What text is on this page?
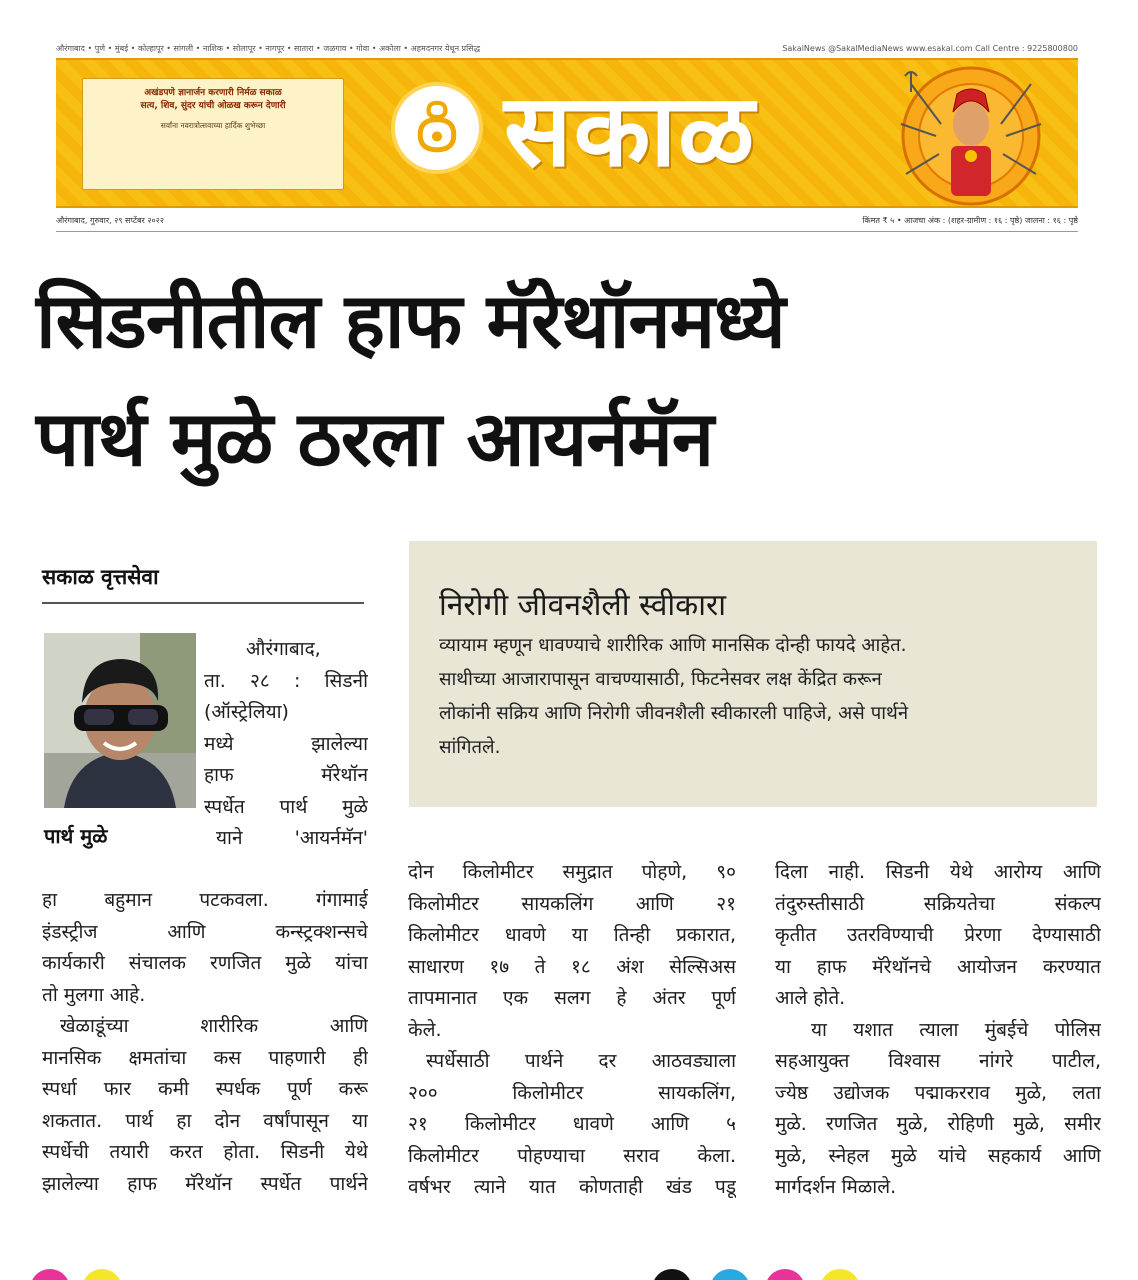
औरंगाबाद • पुणे • मुंबई • कोल्हापूर • सांगली • नाशिक • सोलापूर • नागपूर • सातारा • जळगाव • गोवा • अकोला • अहमदनगर येथून प्रसिद्ध	SakalNews @SakalMediaNews www.esakal.com Call Centre : 9225800800
अखंडपणे ज्ञानार्जन करणारी निर्मळ सकाळ
सत्य, शिव, सुंदर यांची ओळख करून देणारी
सर्वांना नवरात्रोत्सवाच्या हार्दिक शुभेच्छा	सकाळ
औरंगाबाद, गुरुवार, २९ सप्टेंबर २०२२	किंमत ₹ ५ • आजचा अंक : (शहर-ग्रामीण : १६ : पृष्ठे) जालना : १६ : पृष्ठे
सिडनीतील हाफ मॅरेथॉनमध्ये
पार्थ मुळे ठरला आयर्नमॅन
सकाळ वृत्तसेवा
पार्थ मुळे
औरंगाबाद,
ता. २८ : सिडनी
(ऑस्ट्रेलिया)
मध्ये झालेल्या
हाफ मॅरेथॉन
स्पर्धेत पार्थ मुळे
याने 'आयर्नमॅन'
हा बहुमान पटकवला. गंगामाई
इंडस्ट्रीज आणि कन्स्ट्रक्शन्सचे
कार्यकारी संचालक रणजित मुळे यांचा
तो मुलगा आहे.
खेळाडूंच्या शारीरिक आणि
मानसिक क्षमतांचा कस पाहणारी ही
स्पर्धा फार कमी स्पर्धक पूर्ण करू
शकतात. पार्थ हा दोन वर्षांपासून या
स्पर्धेची तयारी करत होता. सिडनी येथे
झालेल्या हाफ मॅरेथॉन स्पर्धेत पार्थने
निरोगी जीवनशैली स्वीकारा
व्यायाम म्हणून धावण्याचे शारीरिक आणि मानसिक दोन्ही फायदे आहेत.
साथीच्या आजारापासून वाचण्यासाठी, फिटनेसवर लक्ष केंद्रित करून
लोकांनी सक्रिय आणि निरोगी जीवनशैली स्वीकारली पाहिजे, असे पार्थने
सांगितले.
दोन किलोमीटर समुद्रात पोहणे, ९०
किलोमीटर सायकलिंग आणि २१
किलोमीटर धावणे या तिन्ही प्रकारात,
साधारण १७ ते १८ अंश सेल्सिअस
तापमानात एक सलग हे अंतर पूर्ण
केले.
स्पर्धेसाठी पार्थने दर आठवड्याला
२०० किलोमीटर सायकलिंग,
२१ किलोमीटर धावणे आणि ५
किलोमीटर पोहण्याचा सराव केला.
वर्षभर त्याने यात कोणताही खंड पडू
दिला नाही. सिडनी येथे आरोग्य आणि
तंदुरुस्तीसाठी सक्रियतेचा संकल्प
कृतीत उतरविण्याची प्रेरणा देण्यासाठी
या हाफ मॅरेथॉनचे आयोजन करण्यात
आले होते.
या यशात त्याला मुंबईचे पोलिस
सहआयुक्त विश्वास नांगरे पाटील,
ज्येष्ठ उद्योजक पद्माकरराव मुळे, लता
मुळे. रणजित मुळे, रोहिणी मुळे, समीर
मुळे, स्नेहल मुळे यांचे सहकार्य आणि
मार्गदर्शन मिळाले.
